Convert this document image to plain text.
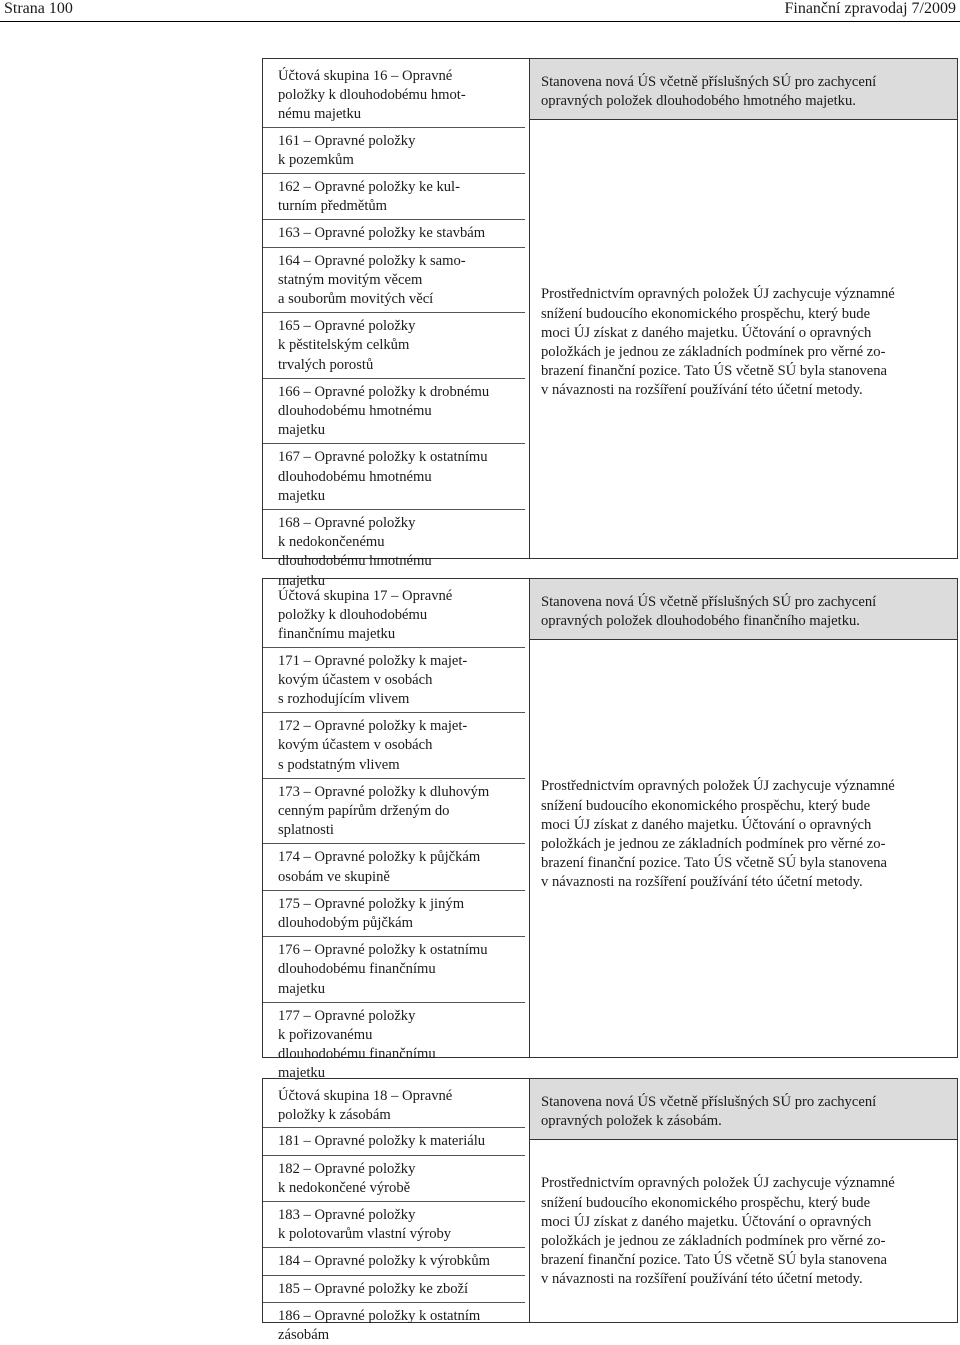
Strana 100	Finanční zpravodaj 7/2009
Účtová skupina 16 – Opravné
položky k dlouhodobému hmot-
nému majetku
161 – Opravné položky
k pozemkům
162 – Opravné položky ke kul-
turním předmětům
163 – Opravné položky ke stavbám
164 – Opravné položky k samo-
statným movitým věcem
a souborům movitých věcí
165 – Opravné položky
k pěstitelským celkům
trvalých porostů
166 – Opravné položky k drobnému
dlouhodobému hmotnému
majetku
167 – Opravné položky k ostatnímu
dlouhodobému hmotnému
majetku
168 – Opravné položky
k nedokončenému
dlouhodobému hmotnému
majetku
Stanovena nová ÚS včetně příslušných SÚ pro zachycení
opravných položek dlouhodobého hmotného majetku.
Prostřednictvím opravných položek ÚJ zachycuje významné
snížení budoucího ekonomického prospěchu, který bude
moci ÚJ získat z daného majetku. Účtování o opravných
položkách je jednou ze základních podmínek pro věrné zo-
brazení finanční pozice. Tato ÚS včetně SÚ byla stanovena
v návaznosti na rozšíření používání této účetní metody.
Účtová skupina 17 – Opravné
položky k dlouhodobému
finančnímu majetku
171 – Opravné položky k majet-
kovým účastem v osobách
s rozhodujícím vlivem
172 – Opravné položky k majet-
kovým účastem v osobách
s podstatným vlivem
173 – Opravné položky k dluhovým
cenným papírům drženým do
splatnosti
174 – Opravné položky k půjčkám
osobám ve skupině
175 – Opravné položky k jiným
dlouhodobým půjčkám
176 – Opravné položky k ostatnímu
dlouhodobému finančnímu
majetku
177 – Opravné položky
k pořizovanému
dlouhodobému finančnímu
majetku
Stanovena nová ÚS včetně příslušných SÚ pro zachycení
opravných položek dlouhodobého finančního majetku.
Prostřednictvím opravných položek ÚJ zachycuje významné
snížení budoucího ekonomického prospěchu, který bude
moci ÚJ získat z daného majetku. Účtování o opravných
položkách je jednou ze základních podmínek pro věrné zo-
brazení finanční pozice. Tato ÚS včetně SÚ byla stanovena
v návaznosti na rozšíření používání této účetní metody.
Účtová skupina 18 – Opravné
položky k zásobám
181 – Opravné položky k materiálu
182 – Opravné položky
k nedokončené výrobě
183 – Opravné položky
k polotovarům vlastní výroby
184 – Opravné položky k výrobkům
185 – Opravné položky ke zboží
186 – Opravné položky k ostatním
zásobám
Stanovena nová ÚS včetně příslušných SÚ pro zachycení
opravných položek k zásobám.
Prostřednictvím opravných položek ÚJ zachycuje významné
snížení budoucího ekonomického prospěchu, který bude
moci ÚJ získat z daného majetku. Účtování o opravných
položkách je jednou ze základních podmínek pro věrné zo-
brazení finanční pozice. Tato ÚS včetně SÚ byla stanovena
v návaznosti na rozšíření používání této účetní metody.
